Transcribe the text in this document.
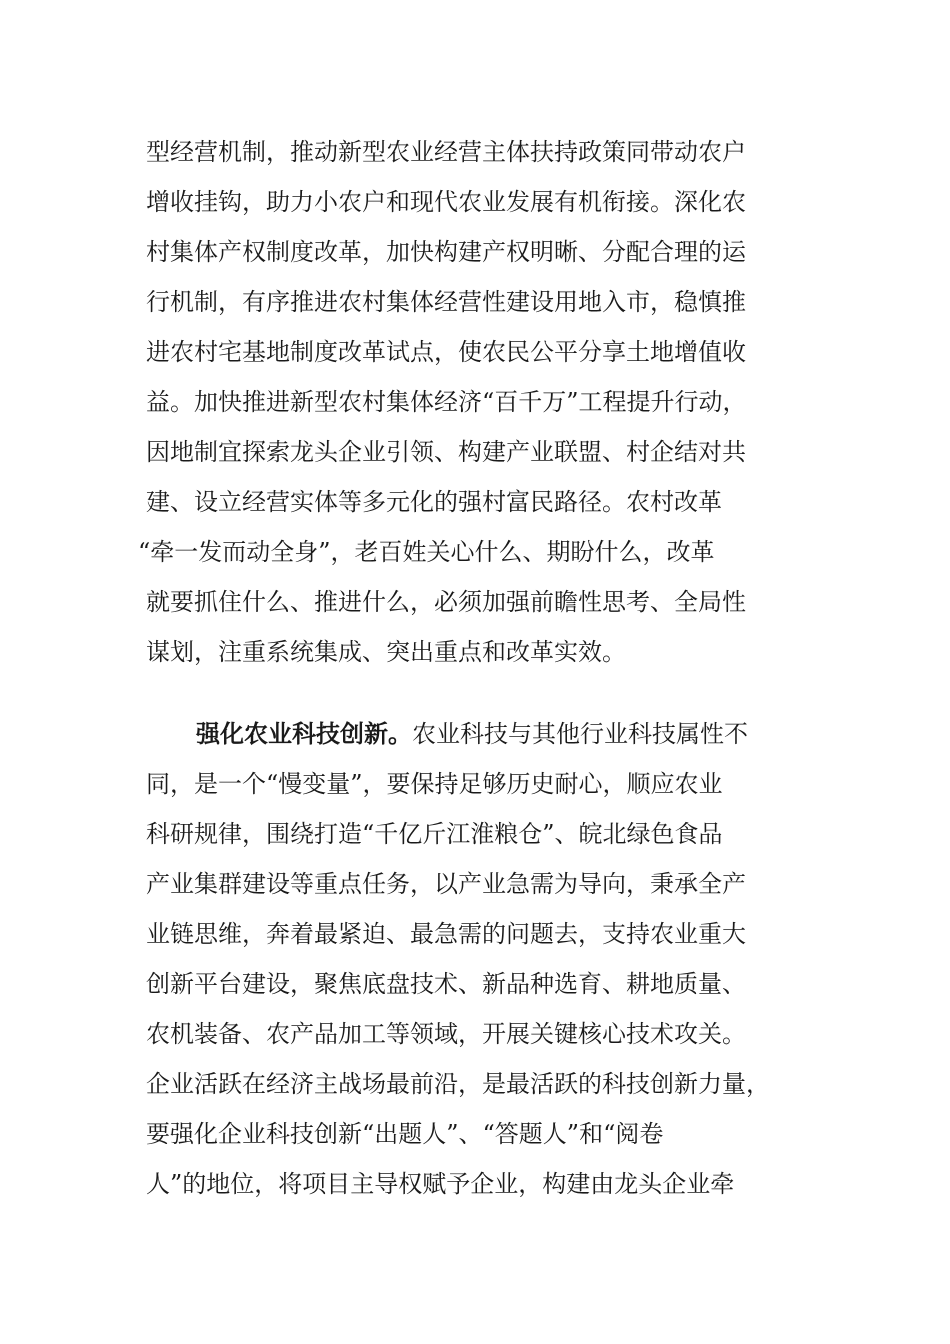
型经营机制，推动新型农业经营主体扶持政策同带动农户
增收挂钩，助力小农户和现代农业发展有机衔接。深化农
村集体产权制度改革，加快构建产权明晰、分配合理的运
行机制，有序推进农村集体经营性建设用地入市，稳慎推
进农村宅基地制度改革试点，使农民公平分享土地增值收
益。加快推进新型农村集体经济“百千万”工程提升行动，
因地制宜探索龙头企业引领、构建产业联盟、村企结对共
建、设立经营实体等多元化的强村富民路径。农村改革
“牵一发而动全身”，老百姓关心什么、期盼什么，改革
就要抓住什么、推进什么，必须加强前瞻性思考、全局性
谋划，注重系统集成、突出重点和改革实效。
强化农业科技创新。农业科技与其他行业科技属性不
同，是一个“慢变量”，要保持足够历史耐心，顺应农业
科研规律，围绕打造“千亿斤江淮粮仓”、皖北绿色食品
产业集群建设等重点任务，以产业急需为导向，秉承全产
业链思维，奔着最紧迫、最急需的问题去，支持农业重大
创新平台建设，聚焦底盘技术、新品种选育、耕地质量、
农机装备、农产品加工等领域，开展关键核心技术攻关。
企业活跃在经济主战场最前沿，是最活跃的科技创新力量，
要强化企业科技创新“出题人”、“答题人”和“阅卷
人”的地位，将项目主导权赋予企业，构建由龙头企业牵
